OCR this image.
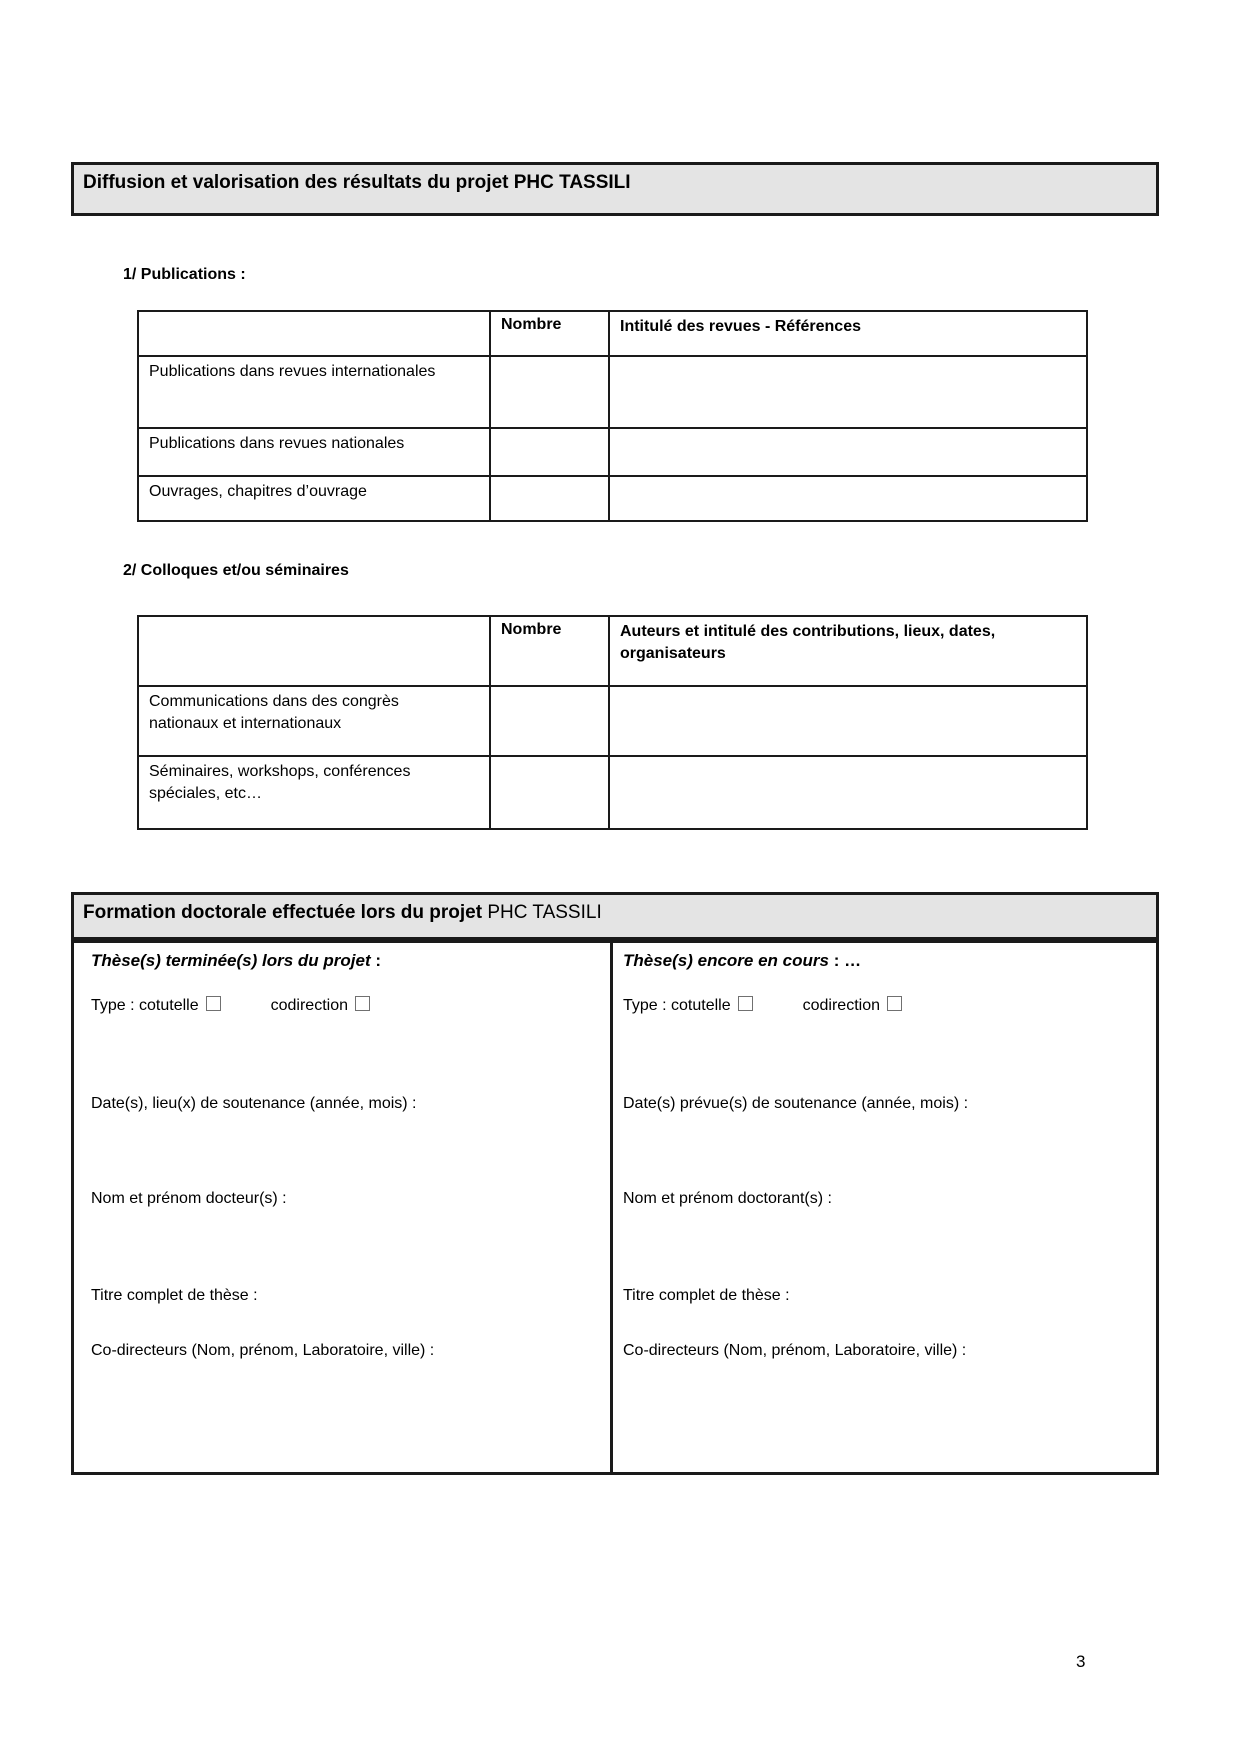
Diffusion et valorisation des résultats du projet PHC TASSILI
1/ Publications :
	Nombre	Intitulé des revues - Références

Publications dans revues internationales		

Publications dans revues nationales		

Ouvrages, chapitres d’ouvrage		

2/ Colloques et/ou séminaires
	Nombre	Auteurs et intitulé des contributions, lieux, dates, organisateurs

Communications dans des congrès nationaux et internationaux		

Séminaires, workshops, conférences spéciales, etc…		

Formation doctorale effectuée lors du projet PHC TASSILI

Thèse(s) terminée(s) lors du projet :

Type : cotutelle	codirection

Date(s), lieu(x) de soutenance (année, mois) :

Nom et prénom docteur(s) :

Titre complet de thèse :

Co-directeurs (Nom, prénom, Laboratoire, ville) :

Thèse(s) encore en cours : …

Type : cotutelle	codirection

Date(s) prévue(s) de soutenance (année, mois) :

Nom et prénom doctorant(s) :

Titre complet de thèse :

Co-directeurs (Nom, prénom, Laboratoire, ville) :

3
